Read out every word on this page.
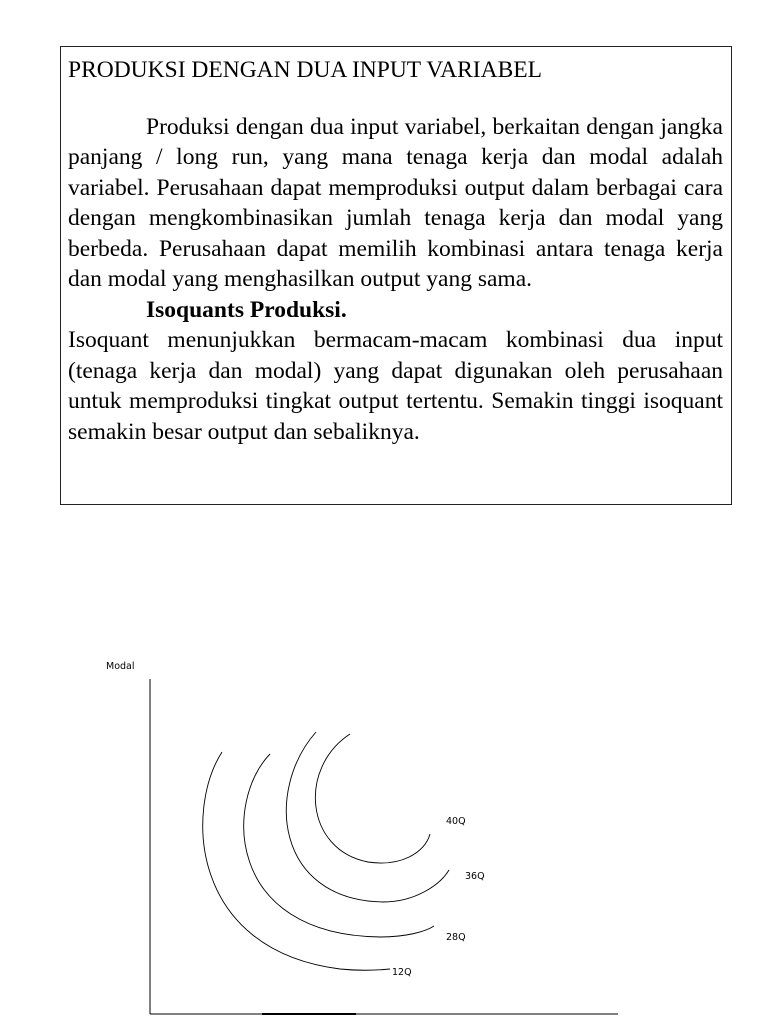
PRODUKSI DENGAN DUA INPUT VARIABEL

Produksi dengan dua input variabel, berkaitan dengan jangka panjang / long run, yang mana tenaga kerja dan modal adalah variabel. Perusahaan dapat memproduksi output dalam berbagai cara dengan mengkombinasikan jumlah tenaga kerja dan modal yang berbeda. Perusahaan dapat memilih kombinasi antara tenaga kerja dan modal yang menghasilkan output yang sama.

Isoquants Produksi.

Isoquant menunjukkan bermacam-macam kombinasi dua input (tenaga kerja dan modal) yang dapat digunakan oleh perusahaan untuk memproduksi tingkat output tertentu. Semakin tinggi isoquant semakin besar output dan sebaliknya.

Modal
40Q
36Q
28Q
12Q
